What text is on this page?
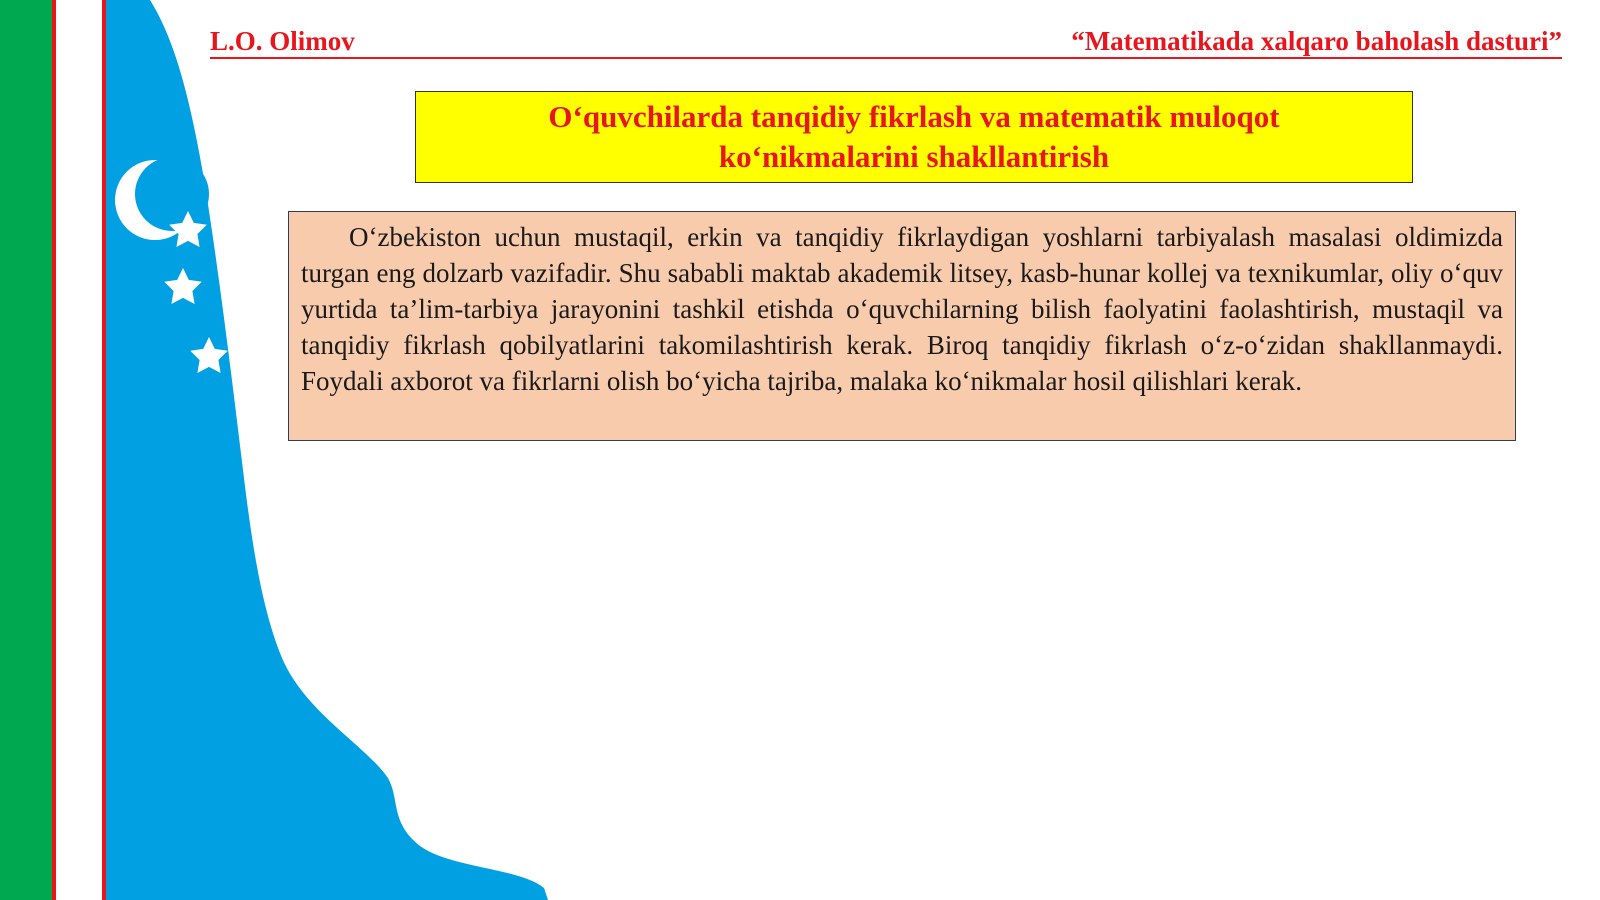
L.O. Olimov	“Matematikada xalqaro baholash dasturi”

O‘quvchilarda tanqidiy fikrlash va matematik muloqot
ko‘nikmalarini shakllantirish

O‘zbekiston uchun mustaqil, erkin va tanqidiy fikrlaydigan yoshlarni tarbiyalash masalasi oldimizda turgan eng dolzarb vazifadir. Shu sababli maktab akademik litsey, kasb-hunar kollej va texnikumlar, oliy o‘quv yurtida ta’lim-tarbiya jarayonini tashkil etishda o‘quvchilarning bilish faolyatini faolashtirish, mustaqil va tanqidiy fikrlash qobilyatlarini takomilashtirish kerak. Biroq tanqidiy fikrlash o‘z-o‘zidan shakllanmaydi. Foydali axborot va fikrlarni olish bo‘yicha tajriba, malaka ko‘nikmalar hosil qilishlari kerak.
